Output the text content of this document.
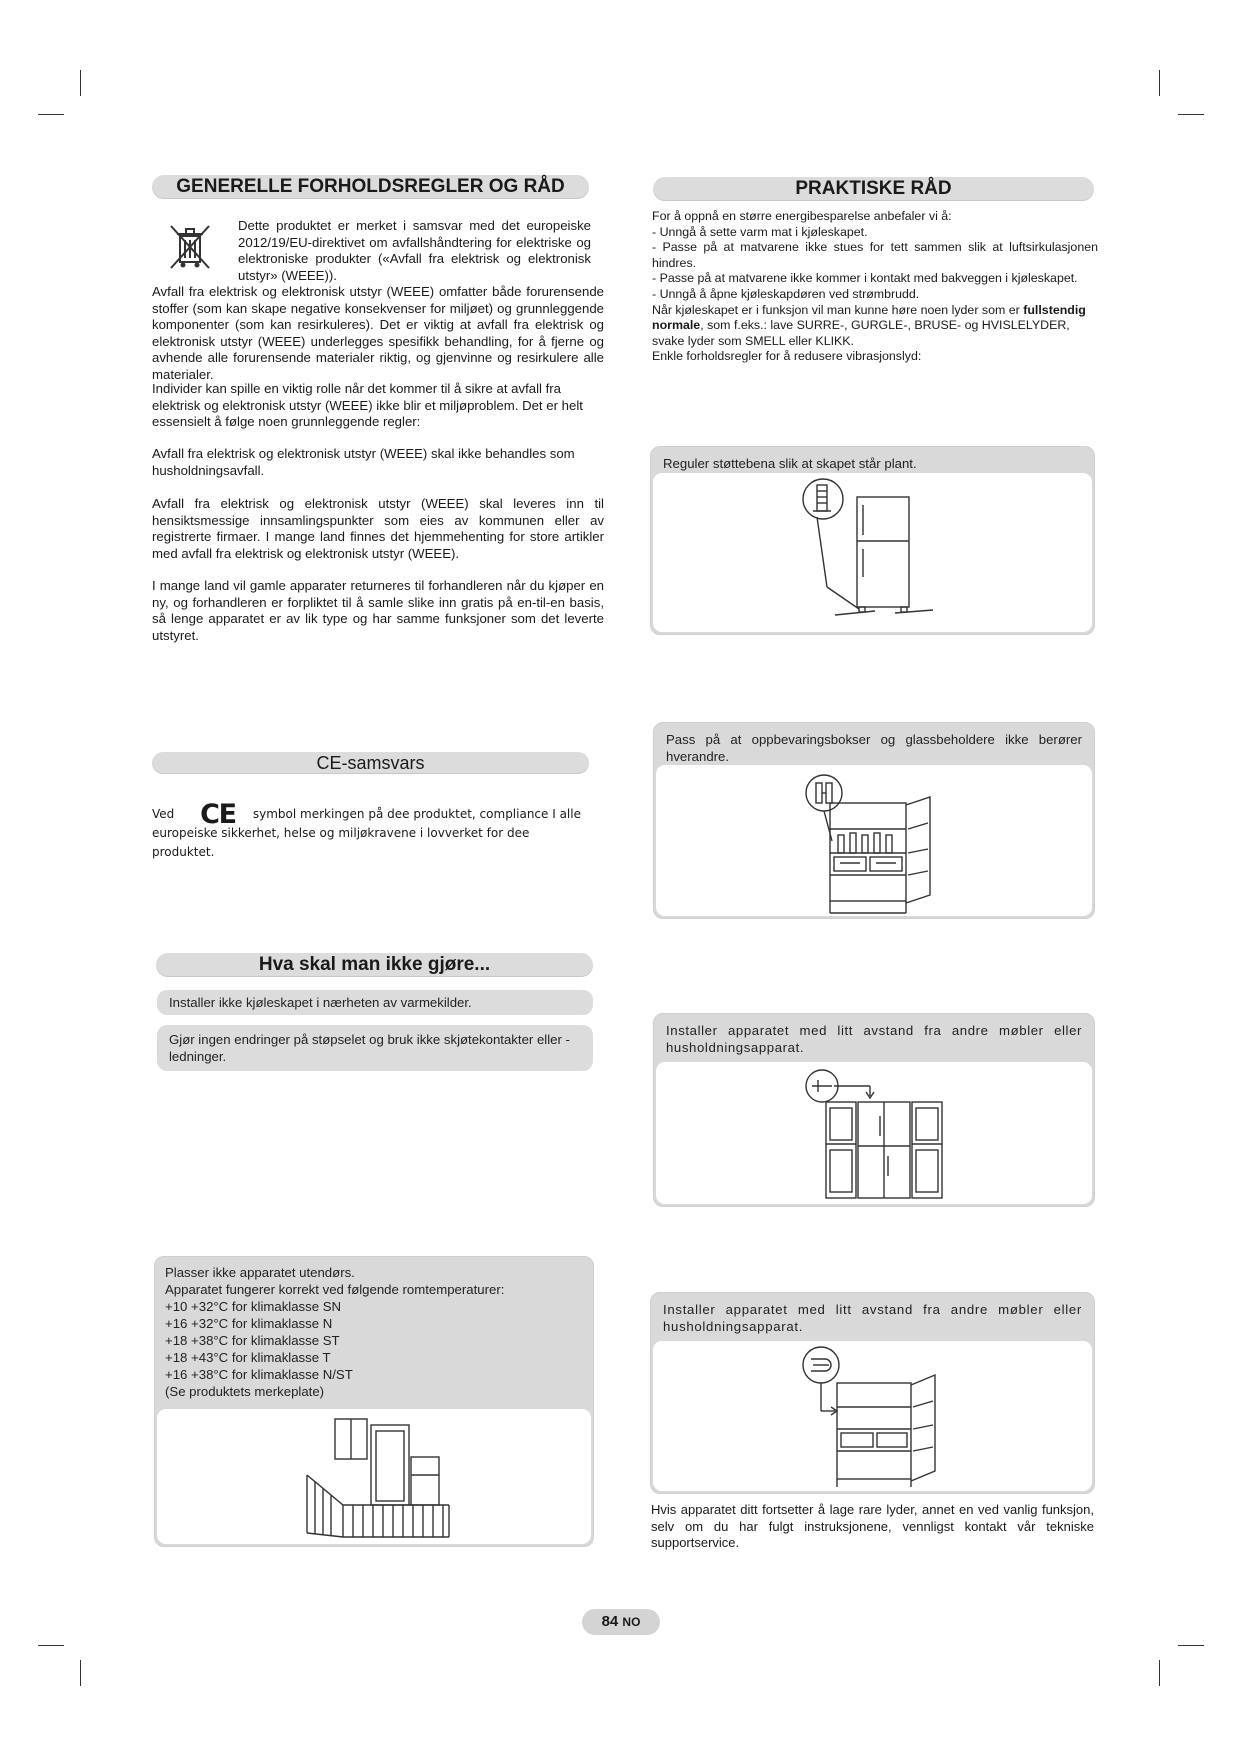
GENERELLE FORHOLDSREGLER OG RÅD
Dette produktet er merket i samsvar med det europeiske 2012/19/EU-direktivet om avfallshåndtering for elektriske og elektroniske produkter («Avfall fra elektrisk og elektronisk utstyr» (WEEE)).
Avfall fra elektrisk og elektronisk utstyr (WEEE) omfatter både forurensende stoffer (som kan skape negative konsekvenser for miljøet) og grunnleggende komponenter (som kan resirkuleres). Det er viktig at avfall fra elektrisk og elektronisk utstyr (WEEE) underlegges spesifikk behandling, for å fjerne og avhende alle forurensende materialer riktig, og gjenvinne og resirkulere alle materialer.
Individer kan spille en viktig rolle når det kommer til å sikre at avfall fra elektrisk og elektronisk utstyr (WEEE) ikke blir et miljøproblem. Det er helt essensielt å følge noen grunnleggende regler:
Avfall fra elektrisk og elektronisk utstyr (WEEE) skal ikke behandles som husholdningsavfall.
Avfall fra elektrisk og elektronisk utstyr (WEEE) skal leveres inn til hensiktsmessige innsamlingspunkter som eies av kommunen eller av registrerte firmaer. I mange land finnes det hjemmehenting for store artikler med avfall fra elektrisk og elektronisk utstyr (WEEE).
I mange land vil gamle apparater returneres til forhandleren når du kjøper en ny, og forhandleren er forpliktet til å samle slike inn gratis på en-til-en basis, så lenge apparatet er av lik type og har samme funksjoner som det leverte utstyret.
CE-samsvars
Ved C E symbol merkingen på dee produktet, compliance I alle europeiske sikkerhet, helse og miljøkravene i lovverket for dee produktet.
Hva skal man ikke gjøre...
Installer ikke kjøleskapet i nærheten av varmekilder.
Gjør ingen endringer på støpselet og bruk ikke skjøtekontakter eller -ledninger.
Plasser ikke apparatet utendørs.
Apparatet fungerer korrekt ved følgende romtemperaturer:
+10 +32°C for klimaklasse SN
+16 +32°C for klimaklasse N
+18 +38°C for klimaklasse ST
+18 +43°C for klimaklasse T
+16 +38°C for klimaklasse N/ST
(Se produktets merkeplate)
PRAKTISKE RÅD

For å oppnå en større energibesparelse anbefaler vi å:

- Unngå å sette varm mat i kjøleskapet.

- Passe på at matvarene ikke stues for tett sammen slik at luftsirkulasjonen hindres.

- Passe på at matvarene ikke kommer i kontakt med bakveggen i kjøleskapet.

- Unngå å åpne kjøleskapdøren ved strømbrudd.

Når kjøleskapet er i funksjon vil man kunne høre noen lyder som er fullstendig normale, som f.eks.: lave SURRE-, GURGLE-, BRUSE- og HVISLELYDER, svake lyder som SMELL eller KLIKK.

Enkle forholdsregler for å redusere vibrasjonslyd:

Reguler støttebena slik at skapet står plant.
Pass på at oppbevaringsbokser og glassbeholdere ikke berører hverandre.
Installer apparatet med litt avstand fra andre møbler eller husholdningsapparat.
Installer apparatet med litt avstand fra andre møbler eller husholdningsapparat.
Hvis apparatet ditt fortsetter å lage rare lyder, annet en ved vanlig funksjon, selv om du har fulgt instruksjonene, vennligst kontakt vår tekniske supportservice.
84 NO
